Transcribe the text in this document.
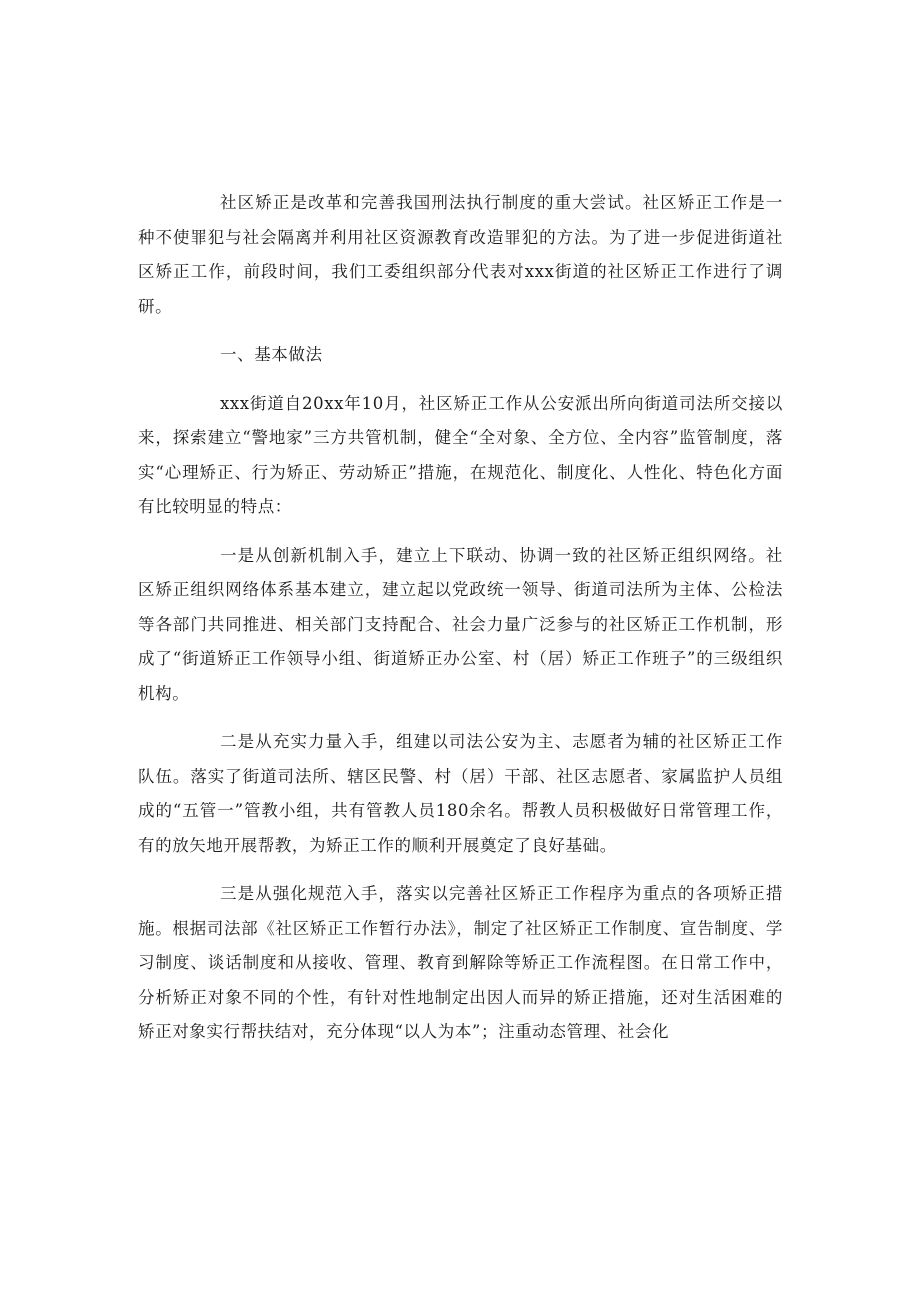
社区矫正是改革和完善我国刑法执行制度的重大尝试。社区矫正工作是一种不使罪犯与社会隔离并利用社区资源教育改造罪犯的方法。为了进一步促进街道社区矫正工作，前段时间，我们工委组织部分代表对xxx街道的社区矫正工作进行了调研。

一、基本做法

xxx街道自20xx年10月，社区矫正工作从公安派出所向街道司法所交接以来，探索建立“警地家”三方共管机制，健全“全对象、全方位、全内容”监管制度，落实“心理矫正、行为矫正、劳动矫正”措施，在规范化、制度化、人性化、特色化方面有比较明显的特点：

一是从创新机制入手，建立上下联动、协调一致的社区矫正组织网络。社区矫正组织网络体系基本建立，建立起以党政统一领导、街道司法所为主体、公检法等各部门共同推进、相关部门支持配合、社会力量广泛参与的社区矫正工作机制，形成了“街道矫正工作领导小组、街道矫正办公室、村（居）矫正工作班子”的三级组织机构。

二是从充实力量入手，组建以司法公安为主、志愿者为辅的社区矫正工作队伍。落实了街道司法所、辖区民警、村（居）干部、社区志愿者、家属监护人员组成的“五管一”管教小组，共有管教人员180余名。帮教人员积极做好日常管理工作，有的放矢地开展帮教，为矫正工作的顺利开展奠定了良好基础。

三是从强化规范入手，落实以完善社区矫正工作程序为重点的各项矫正措施。根据司法部《社区矫正工作暂行办法》，制定了社区矫正工作制度、宣告制度、学习制度、谈话制度和从接收、管理、教育到解除等矫正工作流程图。在日常工作中，分析矫正对象不同的个性，有针对性地制定出因人而异的矫正措施，还对生活困难的矫正对象实行帮扶结对，充分体现“以人为本”；注重动态管理、社会化
